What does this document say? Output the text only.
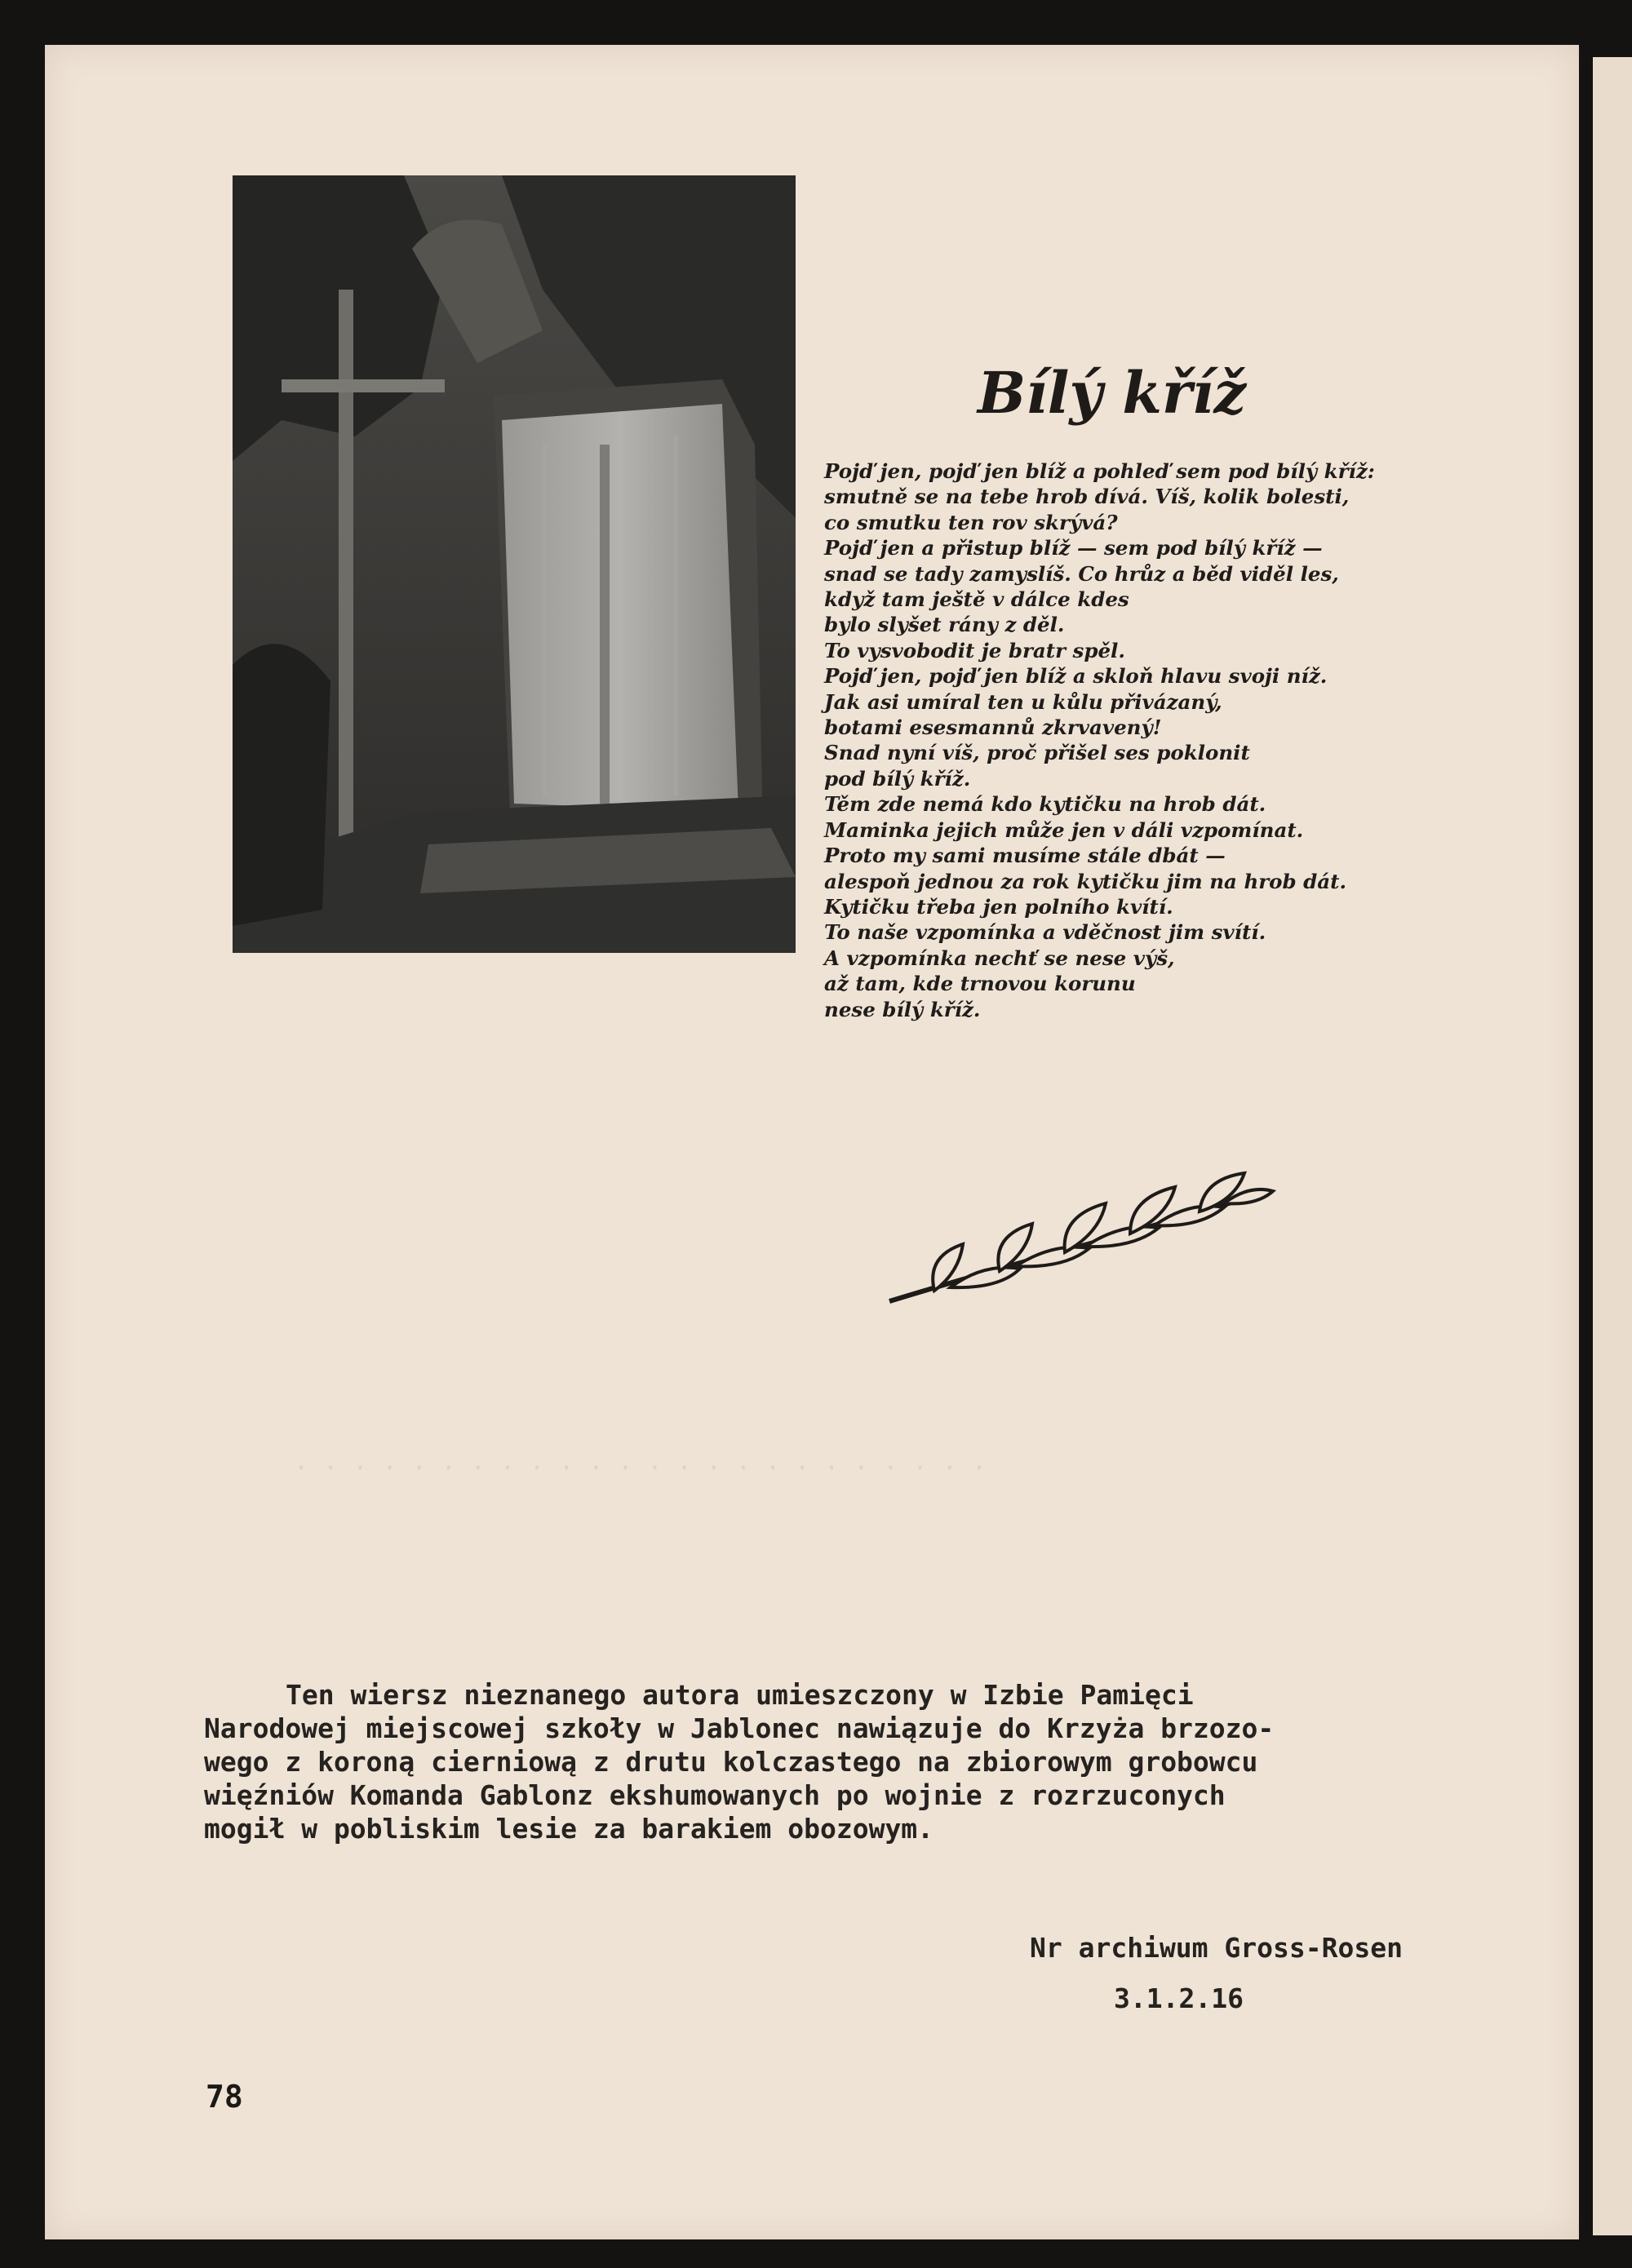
Bílý kříž
Pojď jen, pojď jen blíž a pohleď sem pod bílý kříž:
smutně se na tebe hrob dívá. Víš, kolik bolesti,
co smutku ten rov skrývá?
Pojď jen a přistup blíž — sem pod bílý kříž —
snad se tady zamyslíš. Co hrůz a běd viděl les,
když tam ještě v dálce kdes
bylo slyšet rány z děl.
To vysvobodit je bratr spěl.
Pojď jen, pojď jen blíž a skloň hlavu svoji níž.
Jak asi umíral ten u kůlu přivázaný,
botami esesmannů zkrvavený!
Snad nyní víš, proč přišel ses poklonit
pod bílý kříž.
Těm zde nemá kdo kytičku na hrob dát.
Maminka jejich může jen v dáli vzpomínat.
Proto my sami musíme stále dbát —
alespoň jednou za rok kytičku jim na hrob dát.
Kytičku třeba jen polního kvítí.
To naše vzpomínka a vděčnost jim svítí.
A vzpomínka nechť se nese výš,
až tam, kde trnovou korunu
nese bílý kříž.
· · · · · · · · · · · · · · · · · · · · · · · ·

Ten wiersz nieznanego autora umieszczony w Izbie Pamięci
Narodowej miejscowej szkoły w Jablonec nawiązuje do Krzyża brzozo-
wego z koroną cierniową z drutu kolczastego na zbiorowym grobowcu
więźniów Komanda Gablonz ekshumowanych po wojnie z rozrzuconych
mogił w pobliskim lesie za barakiem obozowym.

Nr archiwum Gross-Rosen

3.1.2.16

78
